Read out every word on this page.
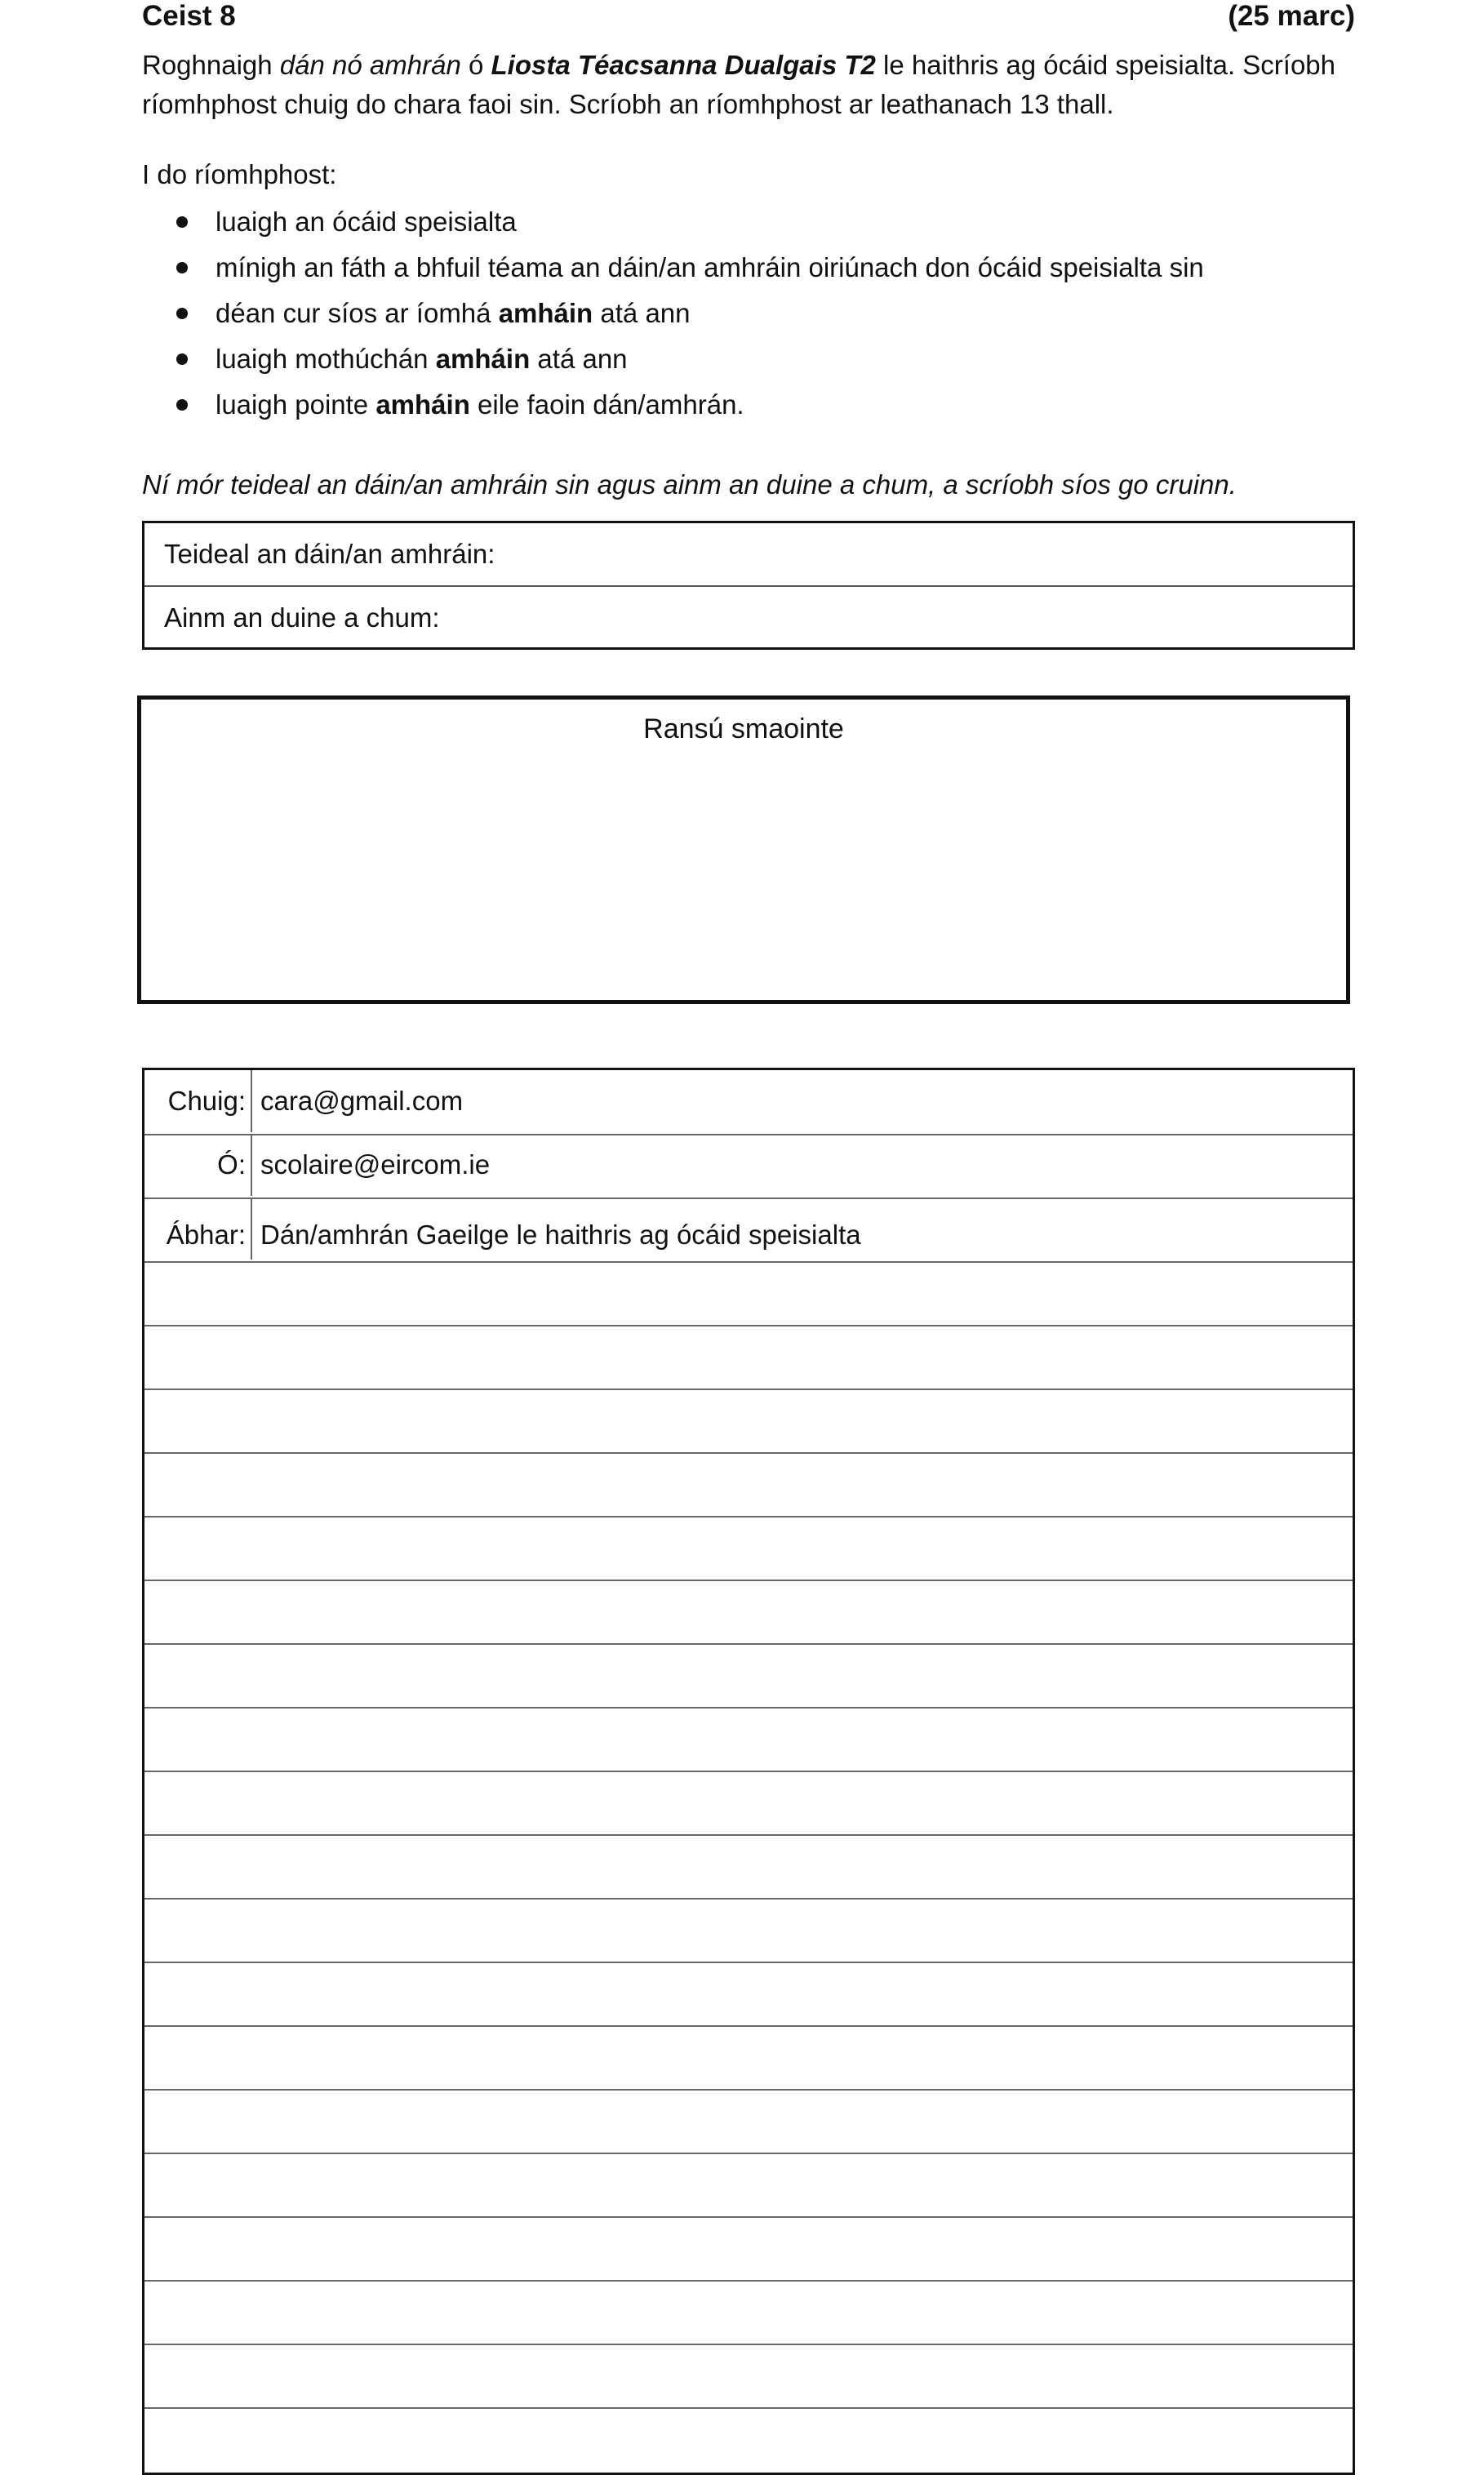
Ceist 8	(25 marc)
Roghnaigh dán nó amhrán ó Liosta Téacsanna Dualgais T2 le haithris ag ócáid speisialta. Scríobh ríomhphost chuig do chara faoi sin. Scríobh an ríomhphost ar leathanach 13 thall.
I do ríomhphost:
luaigh an ócáid speisialta
mínigh an fáth a bhfuil téama an dáin/an amhráin oiriúnach don ócáid speisialta sin
déan cur síos ar íomhá amháin atá ann
luaigh mothúchán amháin atá ann
luaigh pointe amháin eile faoin dán/amhrán.
Ní mór teideal an dáin/an amhráin sin agus ainm an duine a chum, a scríobh síos go cruinn.
Teideal an dáin/an amhráin:
Ainm an duine a chum:
Ransú smaointe
Chuig: cara@gmail.com
Ó: scolaire@eircom.ie
Ábhar: Dán/amhrán Gaeilge le haithris ag ócáid speisialta
